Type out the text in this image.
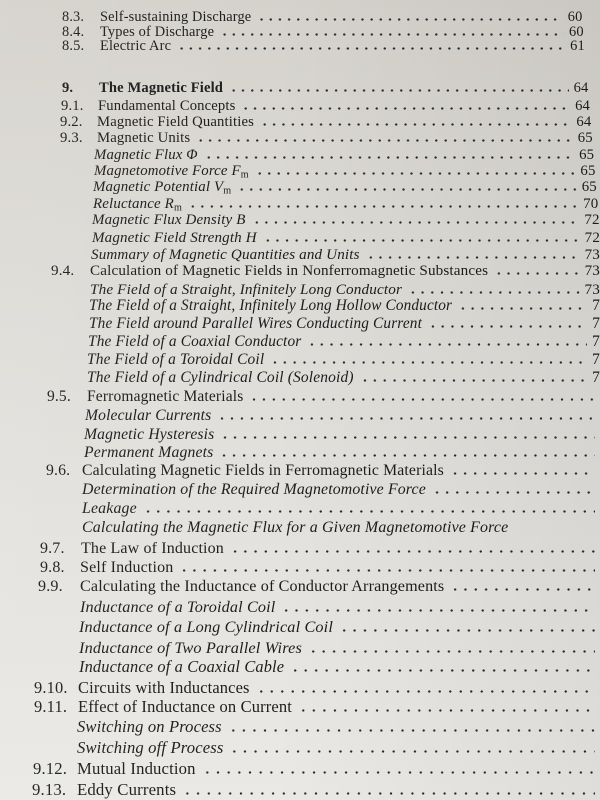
8.3.	Self-sustaining Discharge	60
8.4.	Types of Discharge	60
8.5.	Electric Arc	61
9.	The Magnetic Field	64
9.1. Fundamental Concepts	64
9.2. Magnetic Field Quantities	64
9.3. Magnetic Units	65
Magnetic Flux Φ	65
Magnetomotive Force $F_m$	65
Magnetic Potential $V_m$	65
Reluctance $R_m$	70
Magnetic Flux Density B	72
Magnetic Field Strength H	72
Summary of Magnetic Quantities and Units	73
9.4.	Calculation of Magnetic Fields in Nonferromagnetic Substances	73
The Field of a Straight, Infinitely Long Conductor	73
The Field of a Straight, Infinitely Long Hollow Conductor	7
The Field around Parallel Wires Conducting Current	7
The Field of a Coaxial Conductor	7
The Field of a Toroidal Coil	7
The Field of a Cylindrical Coil (Solenoid)	7
9.5.	Ferromagnetic Materials
Molecular Currents
Magnetic Hysteresis
Permanent Magnets
9.6. Calculating Magnetic Fields in Ferromagnetic Materials
Determination of the Required Magnetomotive Force
Leakage
Calculating the Magnetic Flux for a Given Magnetomotive Force
9.7.	The Law of Induction
9.8. Self Induction
9.9.	Calculating the Inductance of Conductor Arrangements
Inductance of a Toroidal Coil
Inductance of a Long Cylindrical Coil
Inductance of Two Parallel Wires
Inductance of a Coaxial Cable
9.10. Circuits with Inductances
9.11. Effect of Inductance on Current
Switching on Process
Switching off Process
9.12. Mutual Induction
9.13. Eddy Currents
